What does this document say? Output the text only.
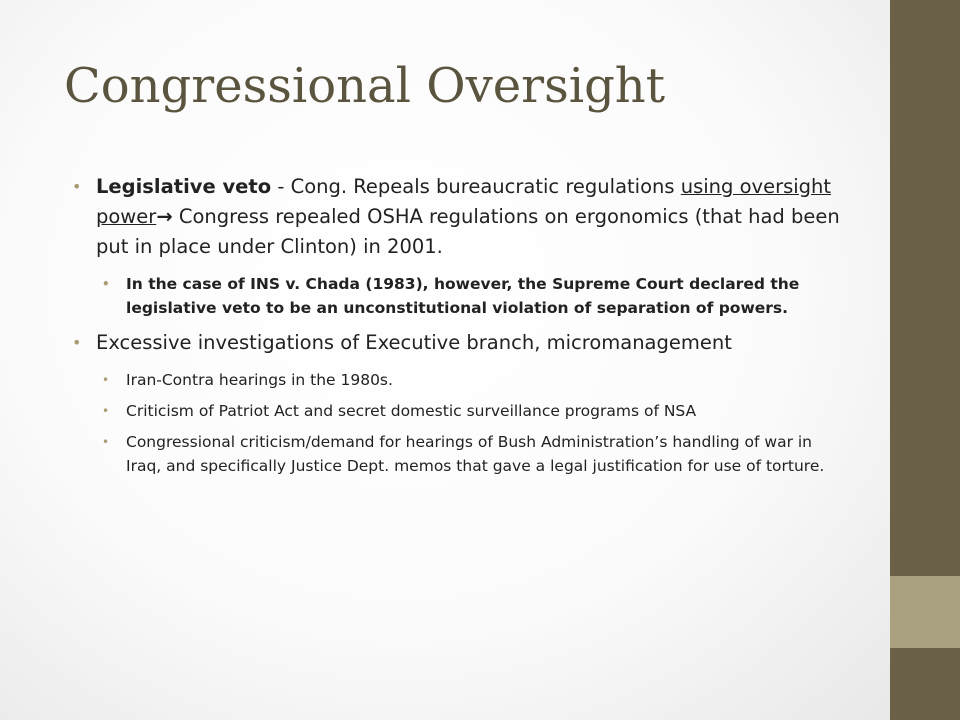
Congressional Oversight
• Legislative veto - Cong. Repeals bureaucratic regulations using oversight power→ Congress repealed OSHA regulations on ergonomics (that had been put in place under Clinton) in 2001.
• In the case of INS v. Chada (1983), however, the Supreme Court declared the legislative veto to be an unconstitutional violation of separation of powers.
• Excessive investigations of Executive branch, micromanagement
• Iran-Contra hearings in the 1980s.
• Criticism of Patriot Act and secret domestic surveillance programs of NSA
• Congressional criticism/demand for hearings of Bush Administration’s handling of war in Iraq, and specifically Justice Dept. memos that gave a legal justification for use of torture.
